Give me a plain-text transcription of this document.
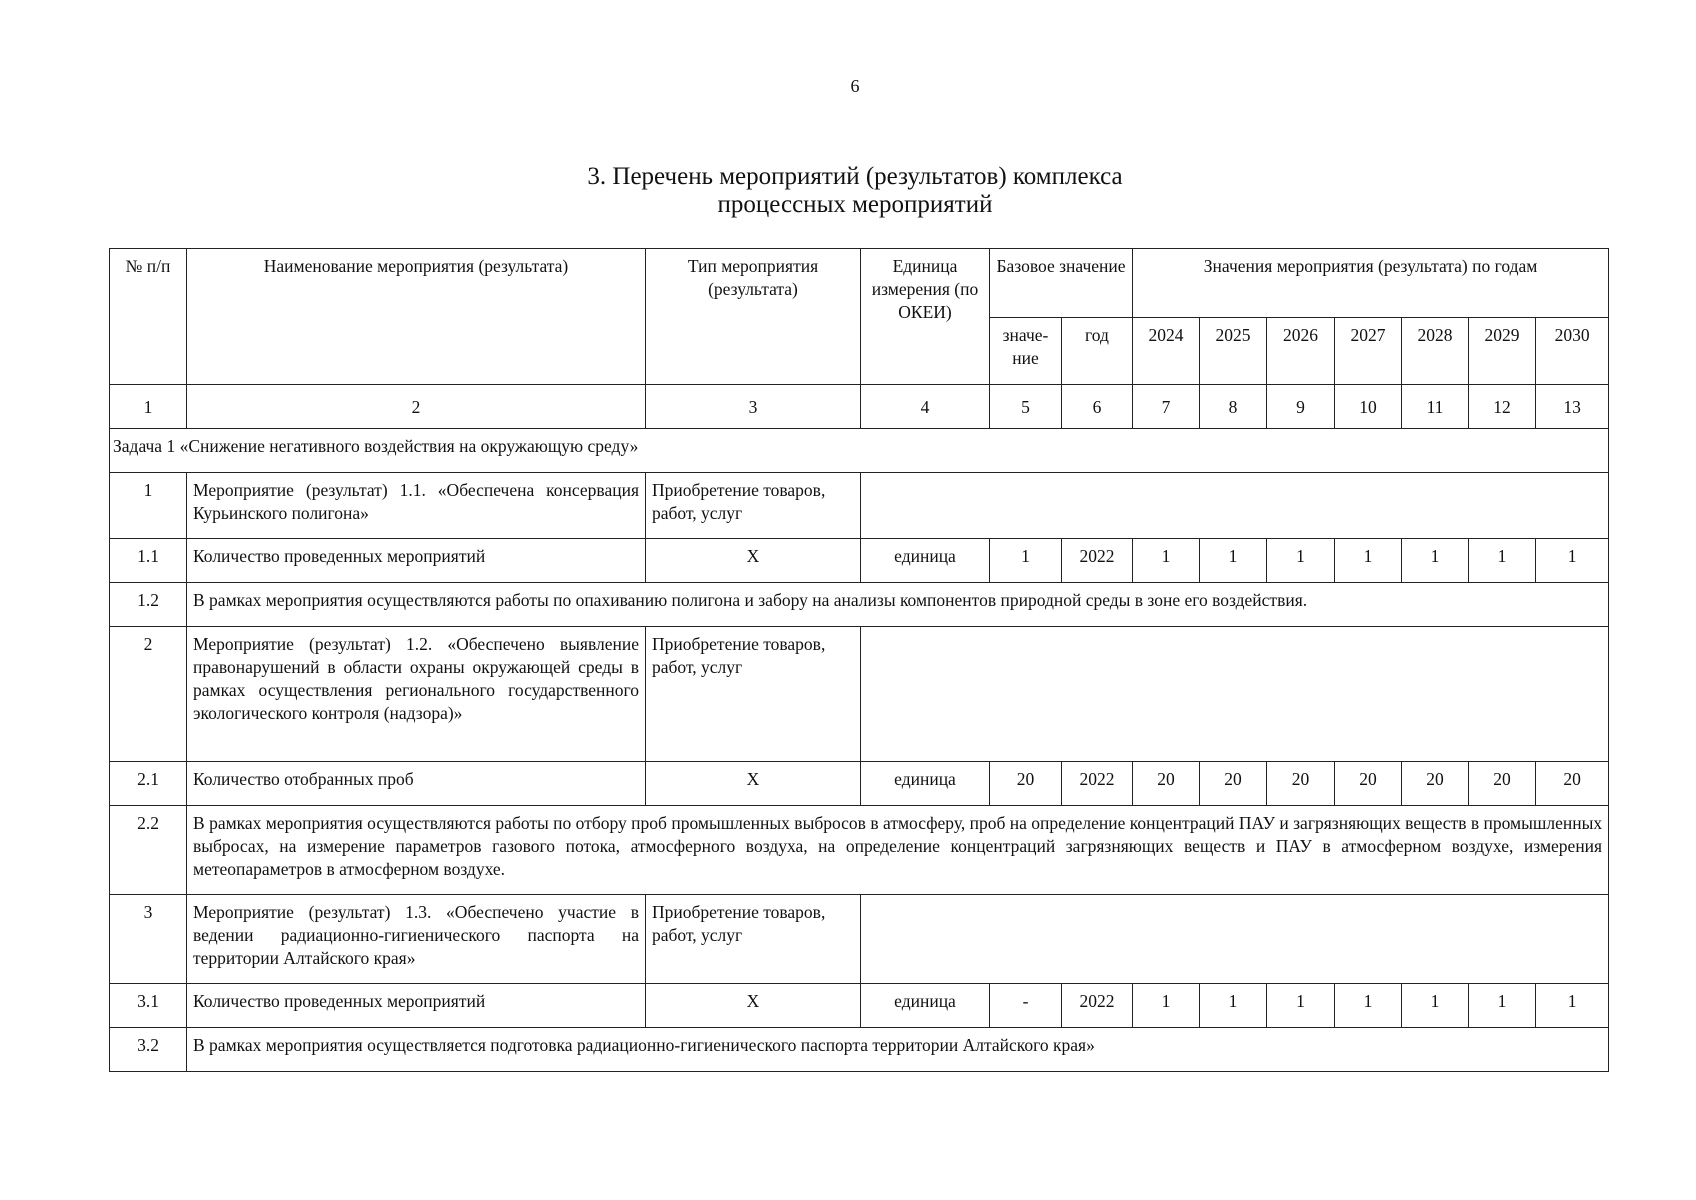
6
3. Перечень мероприятий (результатов) комплекса
процессных мероприятий
№ п/п	Наименование мероприятия (результата)	Тип мероприятия (результата)	Единица измерения (по ОКЕИ)	Базовое значение		Значения мероприятия (результата) по годам						
				значе-ние	год	2024	2025	2026	2027	2028	2029	2030
1	2	3	4	5	6	7	8	9	10	11	12	13
Задача 1 «Снижение негативного воздействия на окружающую среду»												
1	Мероприятие (результат) 1.1. «Обеспечена консервация Курьинского полигона»	Приобретение товаров, работ, услуг										
1.1	Количество проведенных мероприятий	X	единица	1	2022	1	1	1	1	1	1	1
1.2	В рамках мероприятия осуществляются работы по опахиванию полигона и забору на анализы компонентов природной среды в зоне его воздействия.											
2	Мероприятие (результат) 1.2. «Обеспечено выявление правонарушений в области охраны окружающей среды в рамках осуществления регионального государственного экологического контроля (надзора)»	Приобретение товаров, работ, услуг										
2.1	Количество отобранных проб	X	единица	20	2022	20	20	20	20	20	20	20
2.2	В рамках мероприятия осуществляются работы по отбору проб промышленных выбросов в атмосферу, проб на определение концентраций ПАУ и загрязняющих веществ в промышленных выбросах, на измерение параметров газового потока, атмосферного воздуха, на определение концентраций загрязняющих веществ и ПАУ в атмосферном воздухе, измерения метеопараметров в атмосферном воздухе.											
3	Мероприятие (результат) 1.3. «Обеспечено участие в ведении радиационно-гигиенического паспорта на территории Алтайского края»	Приобретение товаров, работ, услуг										
3.1	Количество проведенных мероприятий	X	единица	-	2022	1	1	1	1	1	1	1
3.2	В рамках мероприятия осуществляется подготовка радиационно-гигиенического паспорта территории Алтайского края»											
